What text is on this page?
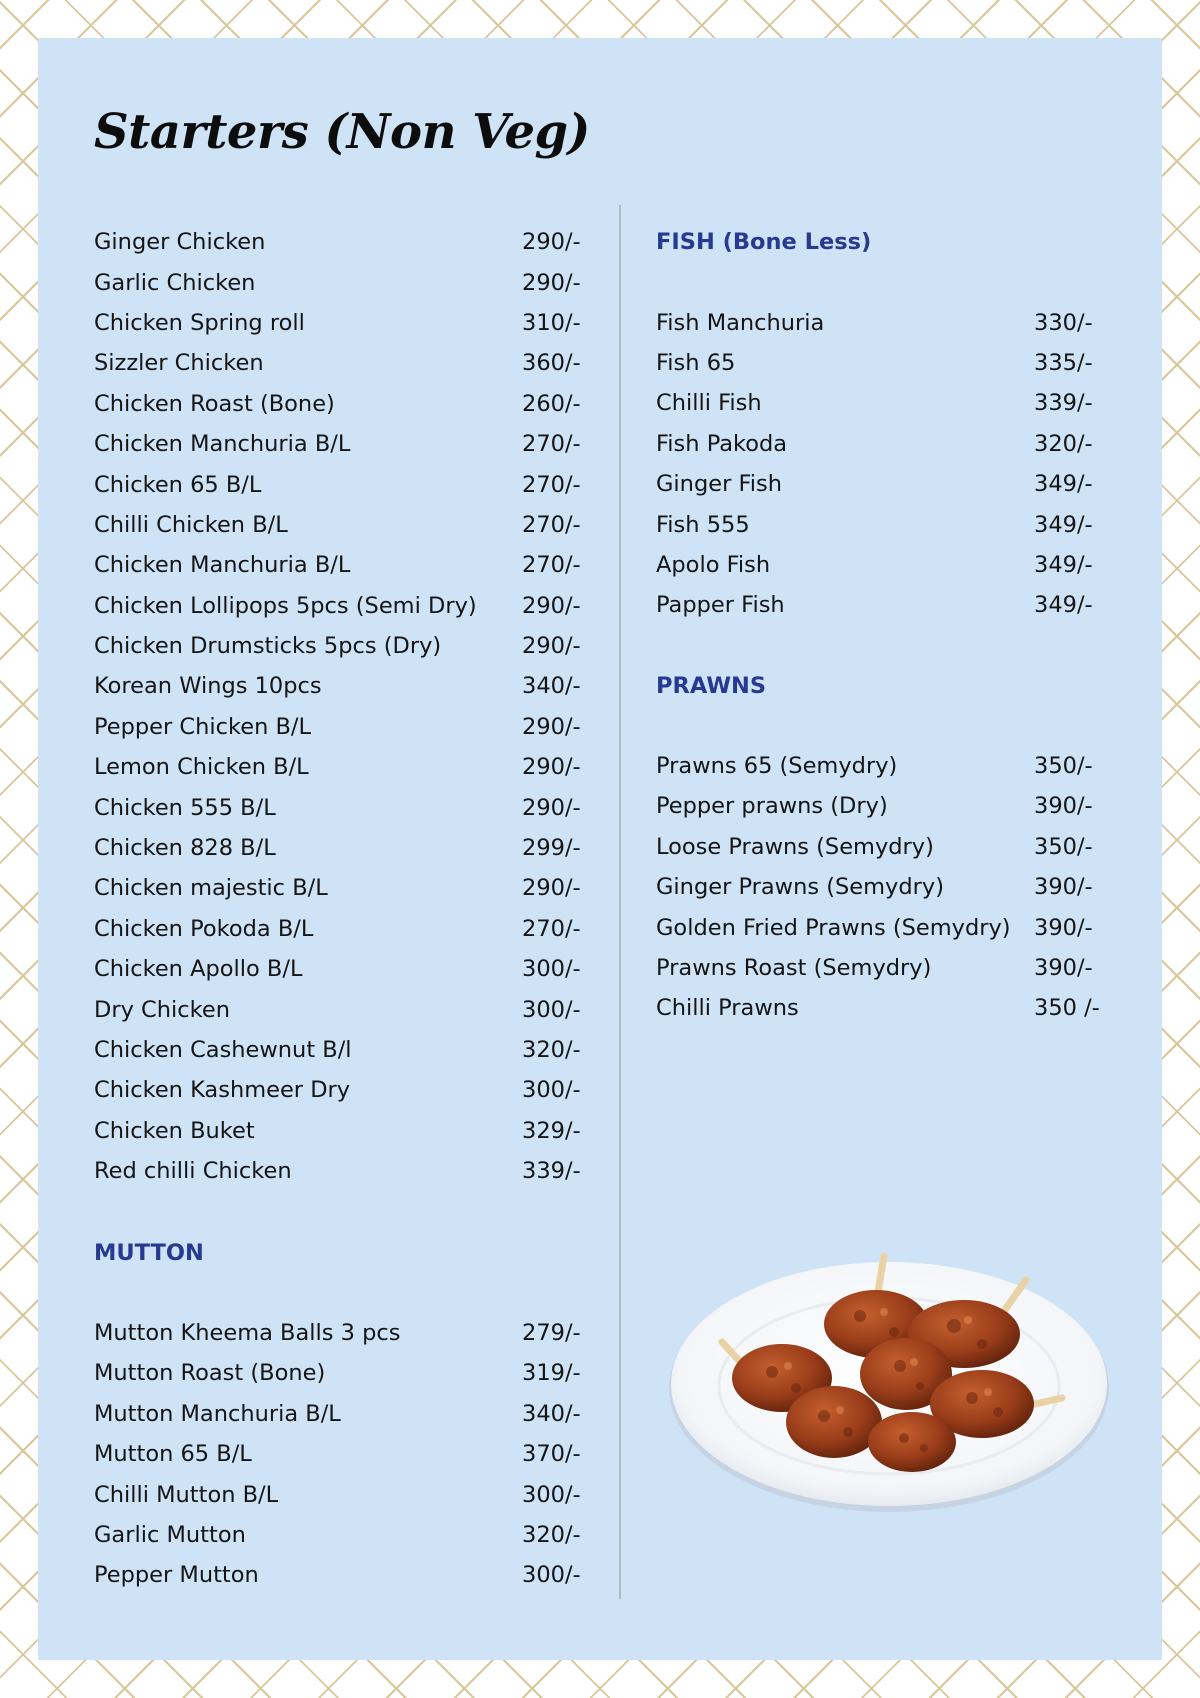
Starters (Non Veg)
Ginger Chicken	290/-
Garlic Chicken	290/-
Chicken Spring roll	310/-
Sizzler Chicken	360/-
Chicken Roast (Bone)	260/-
Chicken Manchuria B/L	270/-
Chicken 65 B/L	270/-
Chilli Chicken B/L	270/-
Chicken Manchuria B/L	270/-
Chicken Lollipops 5pcs (Semi Dry) 290/-
Chicken Drumsticks 5pcs (Dry)	290/-
Korean Wings 10pcs	340/-
Pepper Chicken B/L	290/-
Lemon Chicken B/L	290/-
Chicken 555 B/L	290/-
Chicken 828 B/L	299/-
Chicken majestic B/L	290/-
Chicken Pokoda B/L	270/-
Chicken Apollo B/L	300/-
Dry Chicken	300/-
Chicken Cashewnut B/l	320/-
Chicken Kashmeer Dry	300/-
Chicken Buket	329/-
Red chilli Chicken	339/-
MUTTON
Mutton Kheema Balls 3 pcs	279/-
Mutton Roast (Bone)	319/-
Mutton Manchuria B/L	340/-
Mutton 65 B/L	370/-
Chilli Mutton B/L	300/-
Garlic Mutton	320/-
Pepper Mutton	300/-
FISH (Bone Less)
Fish Manchuria	330/-
Fish 65	335/-
Chilli Fish	339/-
Fish Pakoda	320/-
Ginger Fish	349/-
Fish 555	349/-
Apolo Fish	349/-
Papper Fish	349/-
PRAWNS
Prawns 65 (Semydry)	350/-
Pepper prawns (Dry)	390/-
Loose Prawns (Semydry)	350/-
Ginger Prawns (Semydry)	390/-
Golden Fried Prawns (Semydry) 390/-
Prawns Roast (Semydry)	390/-
Chilli Prawns	350 /-
